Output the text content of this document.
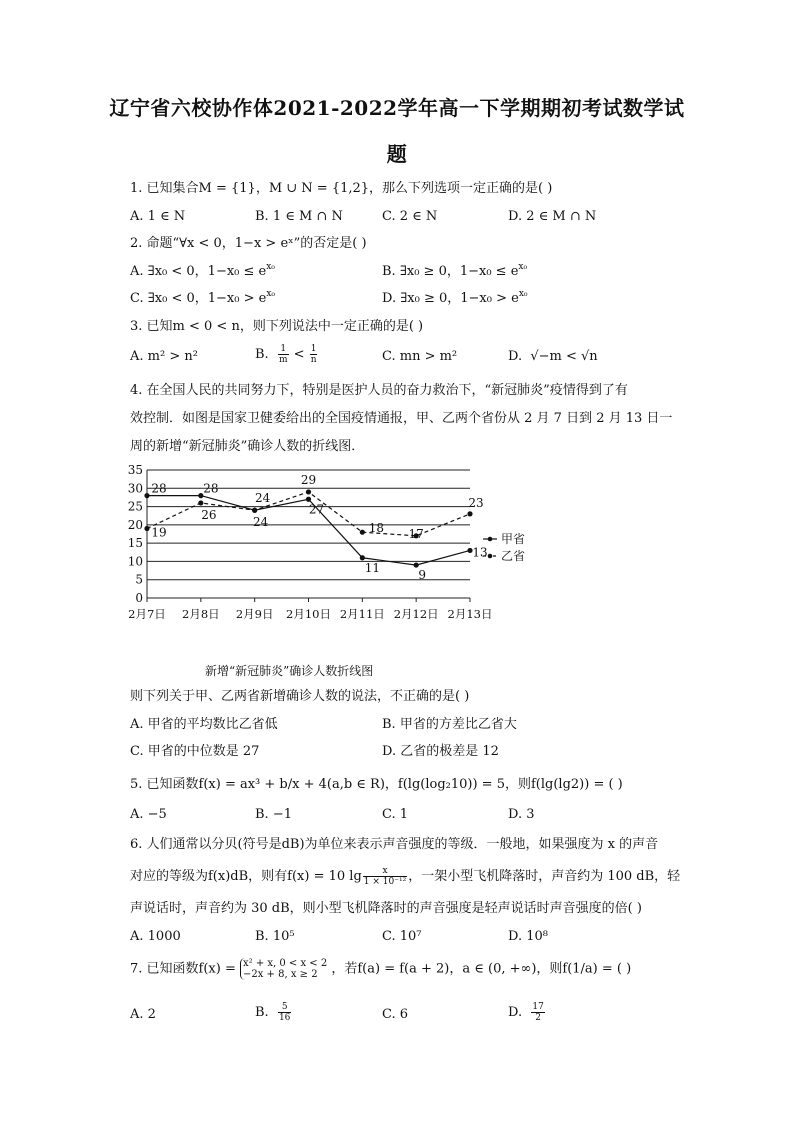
辽宁省六校协作体2021-2022学年高一下学期期初考试数学试
题
1. 已知集合M = {1}，M ∪ N = {1,2}，那么下列选项一定正确的是( )
A. 1 ∈ N	B. 1 ∈ M ∩ N	C. 2 ∈ N	D. 2 ∈ M ∩ N
2. 命题“∀x < 0，1−x > eˣ”的否定是( )
A. ∃x₀ < 0，$1-x_0 \le e^{x_0}$	B. ∃x₀ ≥ 0，$1-x_0 \le e^{x_0}$
C. ∃x₀ < 0，$1-x_0 > e^{x_0}$	D. ∃x₀ ≥ 0，$1-x_0 > e^{x_0}$
3. 已知m < 0 < n，则下列说法中一定正确的是( )
A. m² > n²	B. $\frac{1}{m} < \frac{1}{n}$	C. mn > m²	D. √−m < √n
4. 在全国人民的共同努力下，特别是医护人员的奋力救治下，“新冠肺炎”疫情得到了有
效控制．如图是国家卫健委给出的全国疫情通报，甲、乙两个省份从 2 月 7 日到 2 月 13 日一
周的新增“新冠肺炎”确诊人数的折线图．
0
5
10
15
20
25
30
35
2月7日 2月8日 2月9日 2月10日 2月11日 2月12日 2月13日
28	28
24
27
11
9
13
19
26
24
29
18 17
23
甲省
乙省
新增“新冠肺炎”确诊人数折线图
则下列关于甲、乙两省新增确诊人数的说法，不正确的是( )
A. 甲省的平均数比乙省低	B. 甲省的方差比乙省大
C. 甲省的中位数是 27	D. 乙省的极差是 12
5. 已知函数f(x) = ax³ + b/x + 4(a,b ∈ R)，f(lg(log₂10)) = 5，则f(lg(lg2)) = ( )
A. −5	B. −1	C. 1	D. 3
6. 人们通常以分贝(符号是dB)为单位来表示声音强度的等级．一般地，如果强度为 x 的声音
对应的等级为f(x)dB，则有f(x) = 10 $\lg \frac{x}{\text{1 × 10⁻¹²}}$ ，一架小型飞机降落时，声音约为 100 dB，轻
声说话时，声音约为 30 dB，则小型飞机降落时的声音强度是轻声说话时声音强度的倍( )
A. 1000	B. 10⁵	C. 10⁷	D. 10⁸
7. 已知函数f(x) = x² + x, 0 < x < 2
−2x + 8, x ≥ 2	，若f(a) = f(a + 2)，a ∈ (0, +∞)，则f(1/a) = ( )
A. 2	B. $\frac{5}{16}$	C. 6	D. $\frac{17}{2}$
